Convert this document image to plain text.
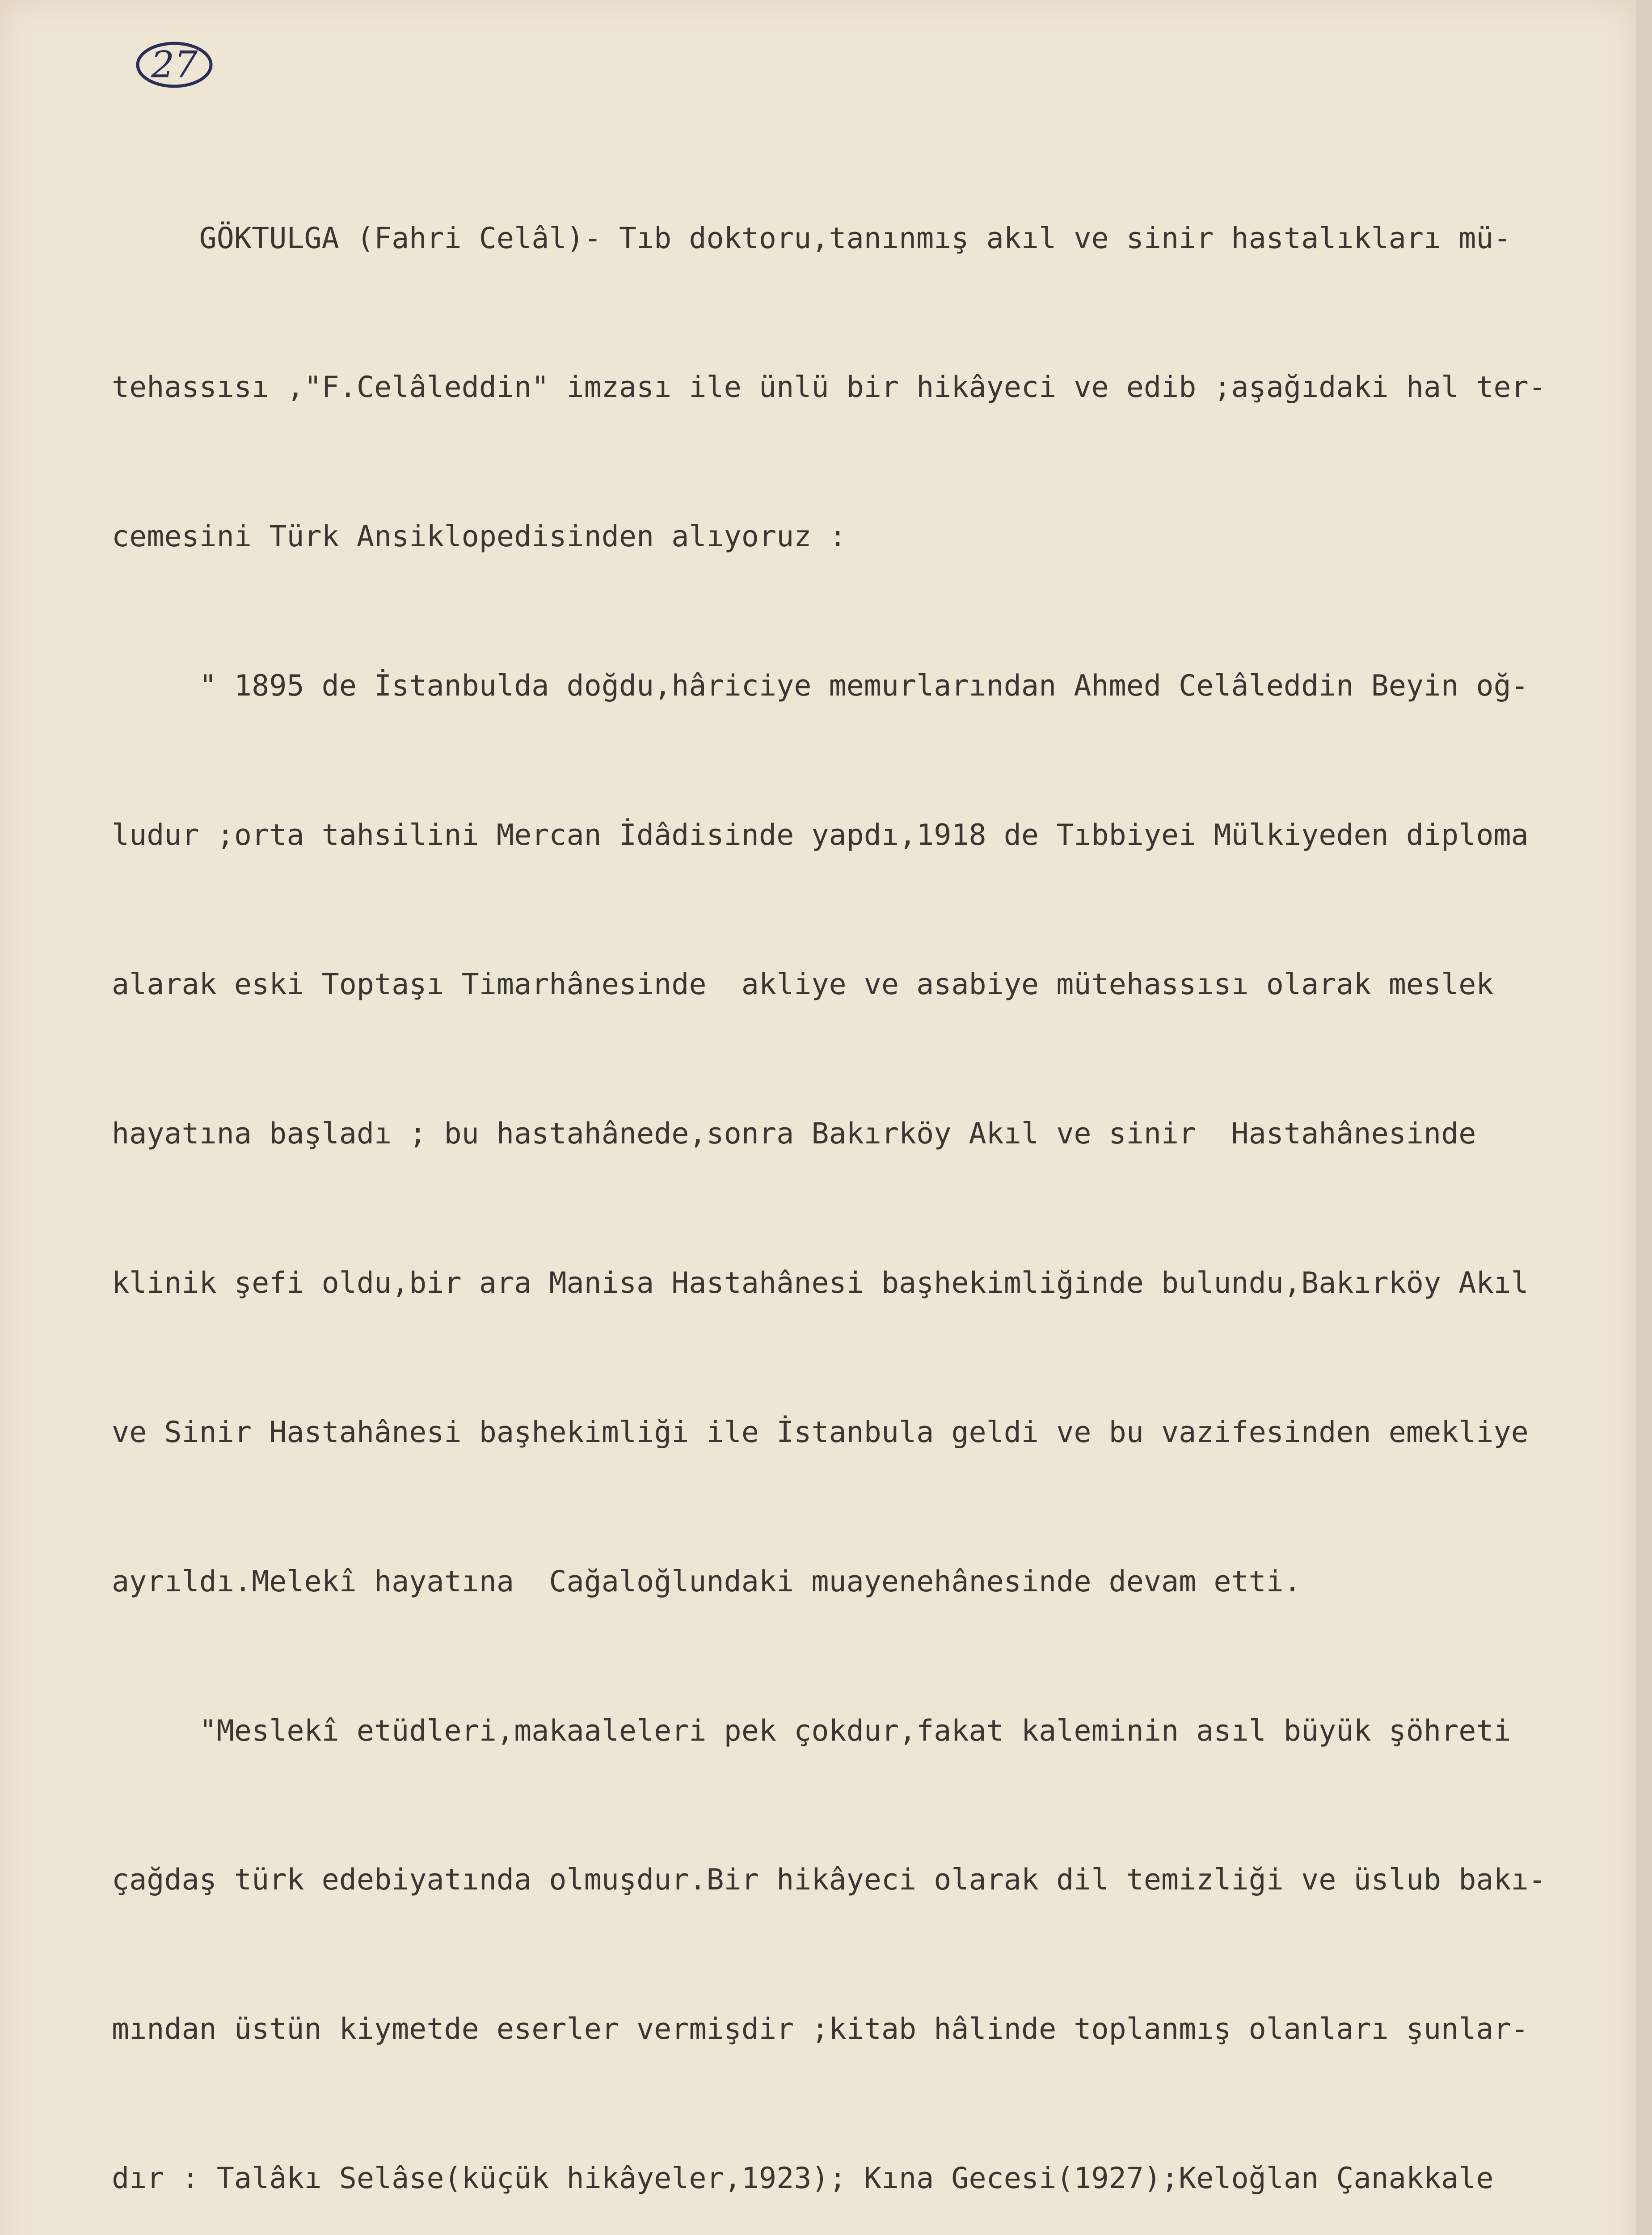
27

GÖKTULGA (Fahri Celâl)- Tıb doktoru,tanınmış akıl ve sinir hastalıkları mü-

tehassısı ,"F.Celâleddin" imzası ile ünlü bir hikâyeci ve edib ;aşağıdaki hal ter-

cemesini Türk Ansiklopedisinden alıyoruz :

" 1895 de İstanbulda doğdu,hâriciye memurlarından Ahmed Celâleddin Beyin oğ-

ludur ;orta tahsilini Mercan İdâdisinde yapdı,1918 de Tıbbiyei Mülkiyeden diploma

alarak eski Toptaşı Timarhânesinde  akliye ve asabiye mütehassısı olarak meslek

hayatına başladı ; bu hastahânede,sonra Bakırköy Akıl ve sinir  Hastahânesinde

klinik şefi oldu,bir ara Manisa Hastahânesi başhekimliğinde bulundu,Bakırköy Akıl

ve Sinir Hastahânesi başhekimliği ile İstanbula geldi ve bu vazifesinden emekliye

ayrıldı.Melekî hayatına  Cağaloğlundaki muayenehânesinde devam etti.

"Meslekî etüdleri,makaaleleri pek çokdur,fakat kaleminin asıl büyük şöhreti

çağdaş türk edebiyatında olmuşdur.Bir hikâyeci olarak dil temizliği ve üslub bakı-

mından üstün kiymetde eserler vermişdir ;kitab hâlinde toplanmış olanları şunlar-

dır : Talâkı Selâse(küçük hikâyeler,1923); Kına Gecesi(1927);Keloğlan Çanakkale
